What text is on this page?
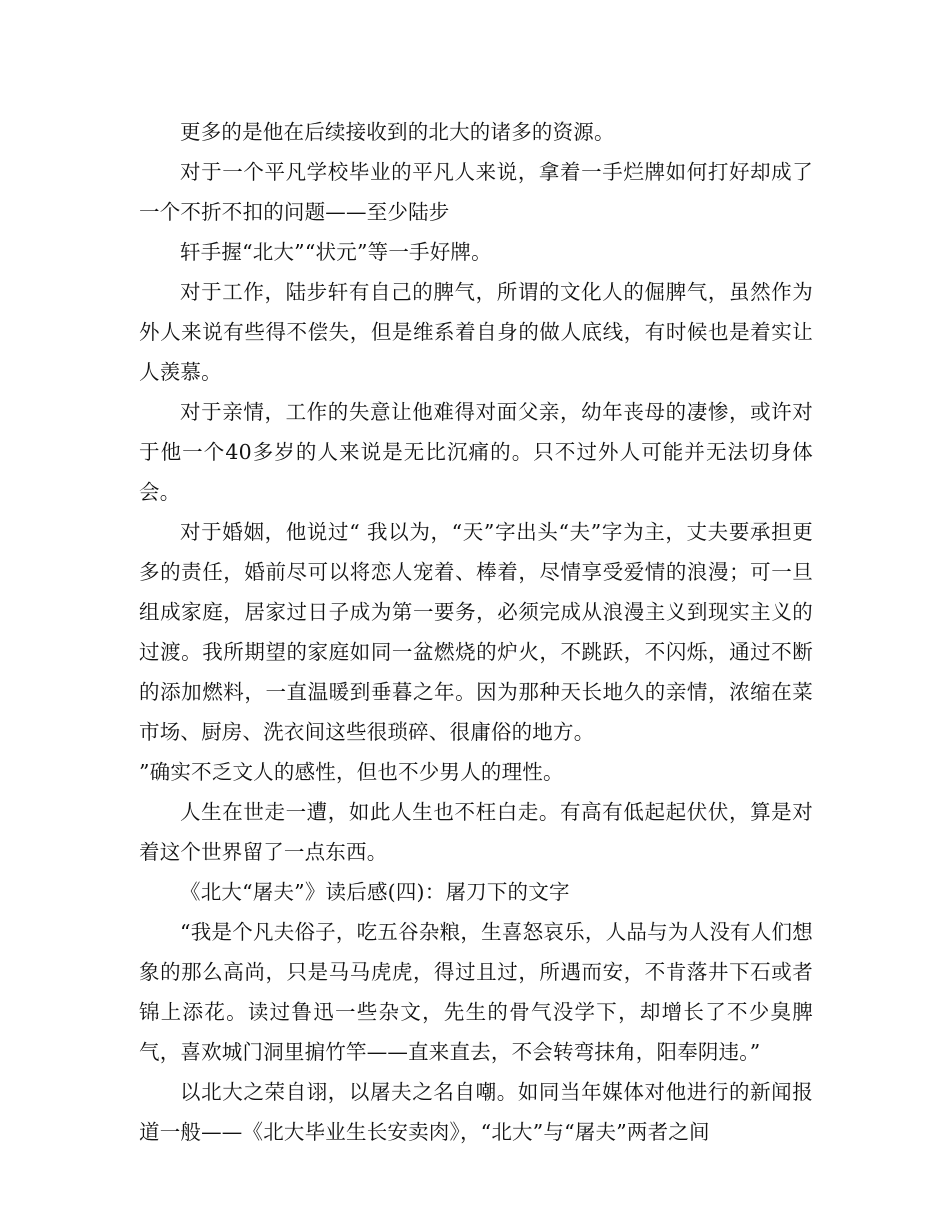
更多的是他在后续接收到的北大的诸多的资源。

对于一个平凡学校毕业的平凡人来说，拿着一手烂牌如何打好却成了一个不折不扣的问题——至少陆步

轩手握“北大”“状元”等一手好牌。

对于工作，陆步轩有自己的脾气，所谓的文化人的倔脾气，虽然作为外人来说有些得不偿失，但是维系着自身的做人底线，有时候也是着实让人羡慕。

对于亲情，工作的失意让他难得对面父亲，幼年丧母的凄惨，或许对于他一个40多岁的人来说是无比沉痛的。只不过外人可能并无法切身体会。

对于婚姻，他说过“ 我以为，“天”字出头“夫”字为主，丈夫要承担更多的责任，婚前尽可以将恋人宠着、棒着，尽情享受爱情的浪漫；可一旦组成家庭，居家过日子成为第一要务，必须完成从浪漫主义到现实主义的过渡。我所期望的家庭如同一盆燃烧的炉火，不跳跃，不闪烁，通过不断的添加燃料，一直温暖到垂暮之年。因为那种天长地久的亲情，浓缩在菜市场、厨房、洗衣间这些很琐碎、很庸俗的地方。

”确实不乏文人的感性，但也不少男人的理性。

人生在世走一遭，如此人生也不枉白走。有高有低起起伏伏，算是对着这个世界留了一点东西。

《北大“屠夫”》读后感(四)：屠刀下的文字

“我是个凡夫俗子，吃五谷杂粮，生喜怒哀乐，人品与为人没有人们想象的那么高尚，只是马马虎虎，得过且过，所遇而安，不肯落井下石或者锦上添花。读过鲁迅一些杂文，先生的骨气没学下，却增长了不少臭脾气，喜欢城门洞里掮竹竿——直来直去，不会转弯抹角，阳奉阴违。”

以北大之荣自诩，以屠夫之名自嘲。如同当年媒体对他进行的新闻报道一般——《北大毕业生长安卖肉》，“北大”与“屠夫”两者之间
